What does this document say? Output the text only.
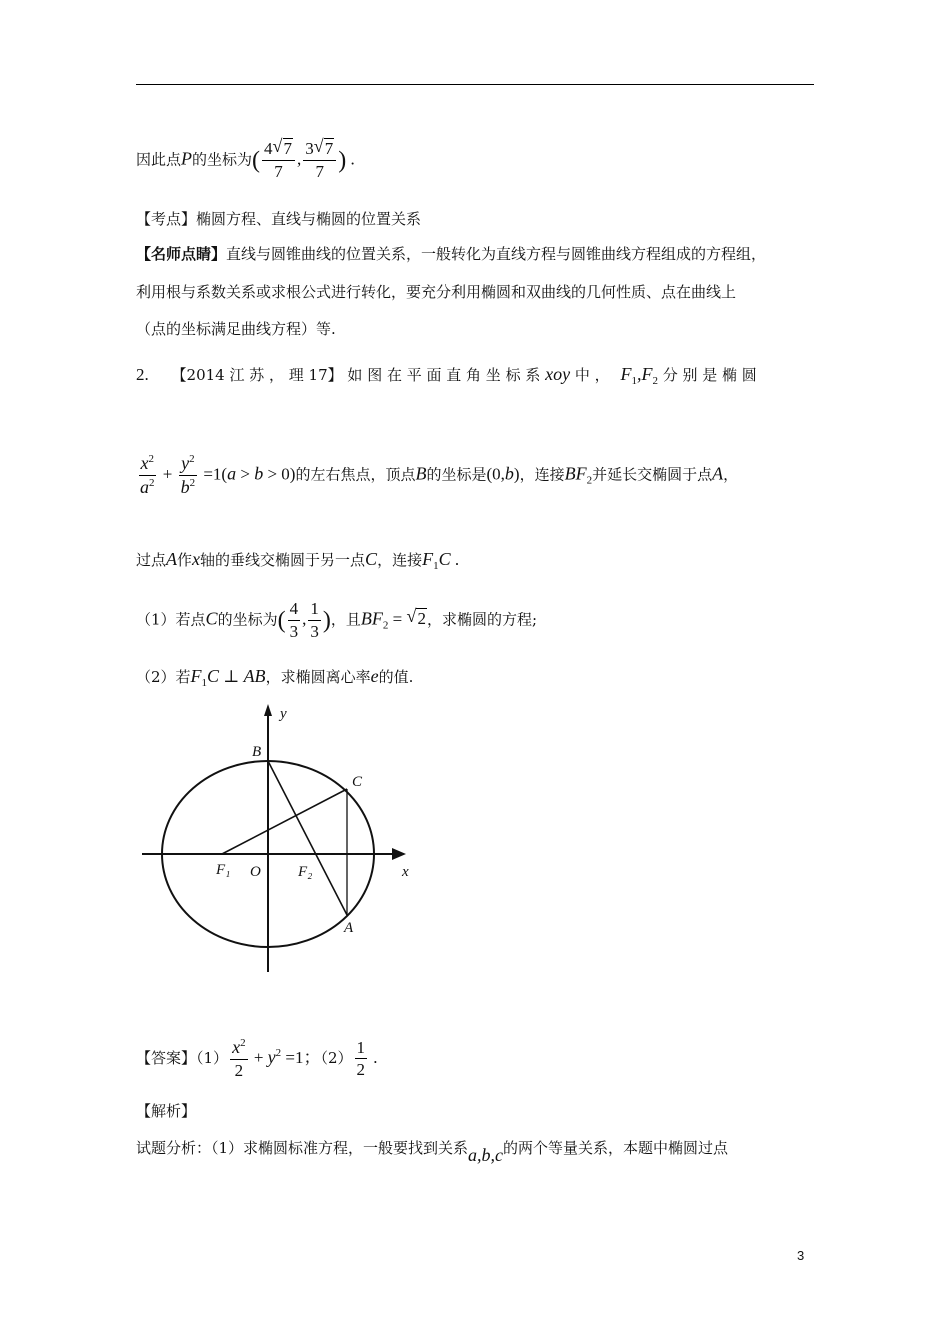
因此点P的坐标为( $\frac{4 √ 7}{7}$ , $\frac{3 √ 7}{7}$ ) .
【考点】椭圆方程、直线与椭圆的位置关系
【名师点睛】直线与圆锥曲线的位置关系，一般转化为直线方程与圆锥曲线方程组成的方程组，
利用根与系数关系或求根公式进行转化，要充分利用椭圆和双曲线的几何性质、点在曲线上
（点的坐标满足曲线方程）等.
2. 【2014 江 苏 ， 理 17】 如 图 在 平 面 直 角 坐 标 系 xoy 中 ， $F_1,F_2$ 分 别 是 椭 圆
$\frac{x^2}{a^2} + \frac{y^2}{b^2} =1(a > b > 0)$的左右焦点，顶点B的坐标是(0,b)，连接$BF_2$并延长交椭圆于点A，
过点A作x轴的垂线交椭圆于另一点C，连接$F_1C$ .
（1）若点C的坐标为( $\frac{4}{3}$ , $\frac{1}{3}$ )，且$BF_2$ = √ 2，求椭圆的方程;
（2）若$F_1C$ ⊥ AB，求椭圆离心率e的值.
y
x
B
C
A
F₁	F₂
O
【答案】$(1) \frac{x^2}{2} + y^2 =1$；$(2) \frac{1}{2}$ .
【解析】
试题分析：（1）求椭圆标准方程，一般要找到关系a,b,c的两个等量关系，本题中椭圆过点
3
